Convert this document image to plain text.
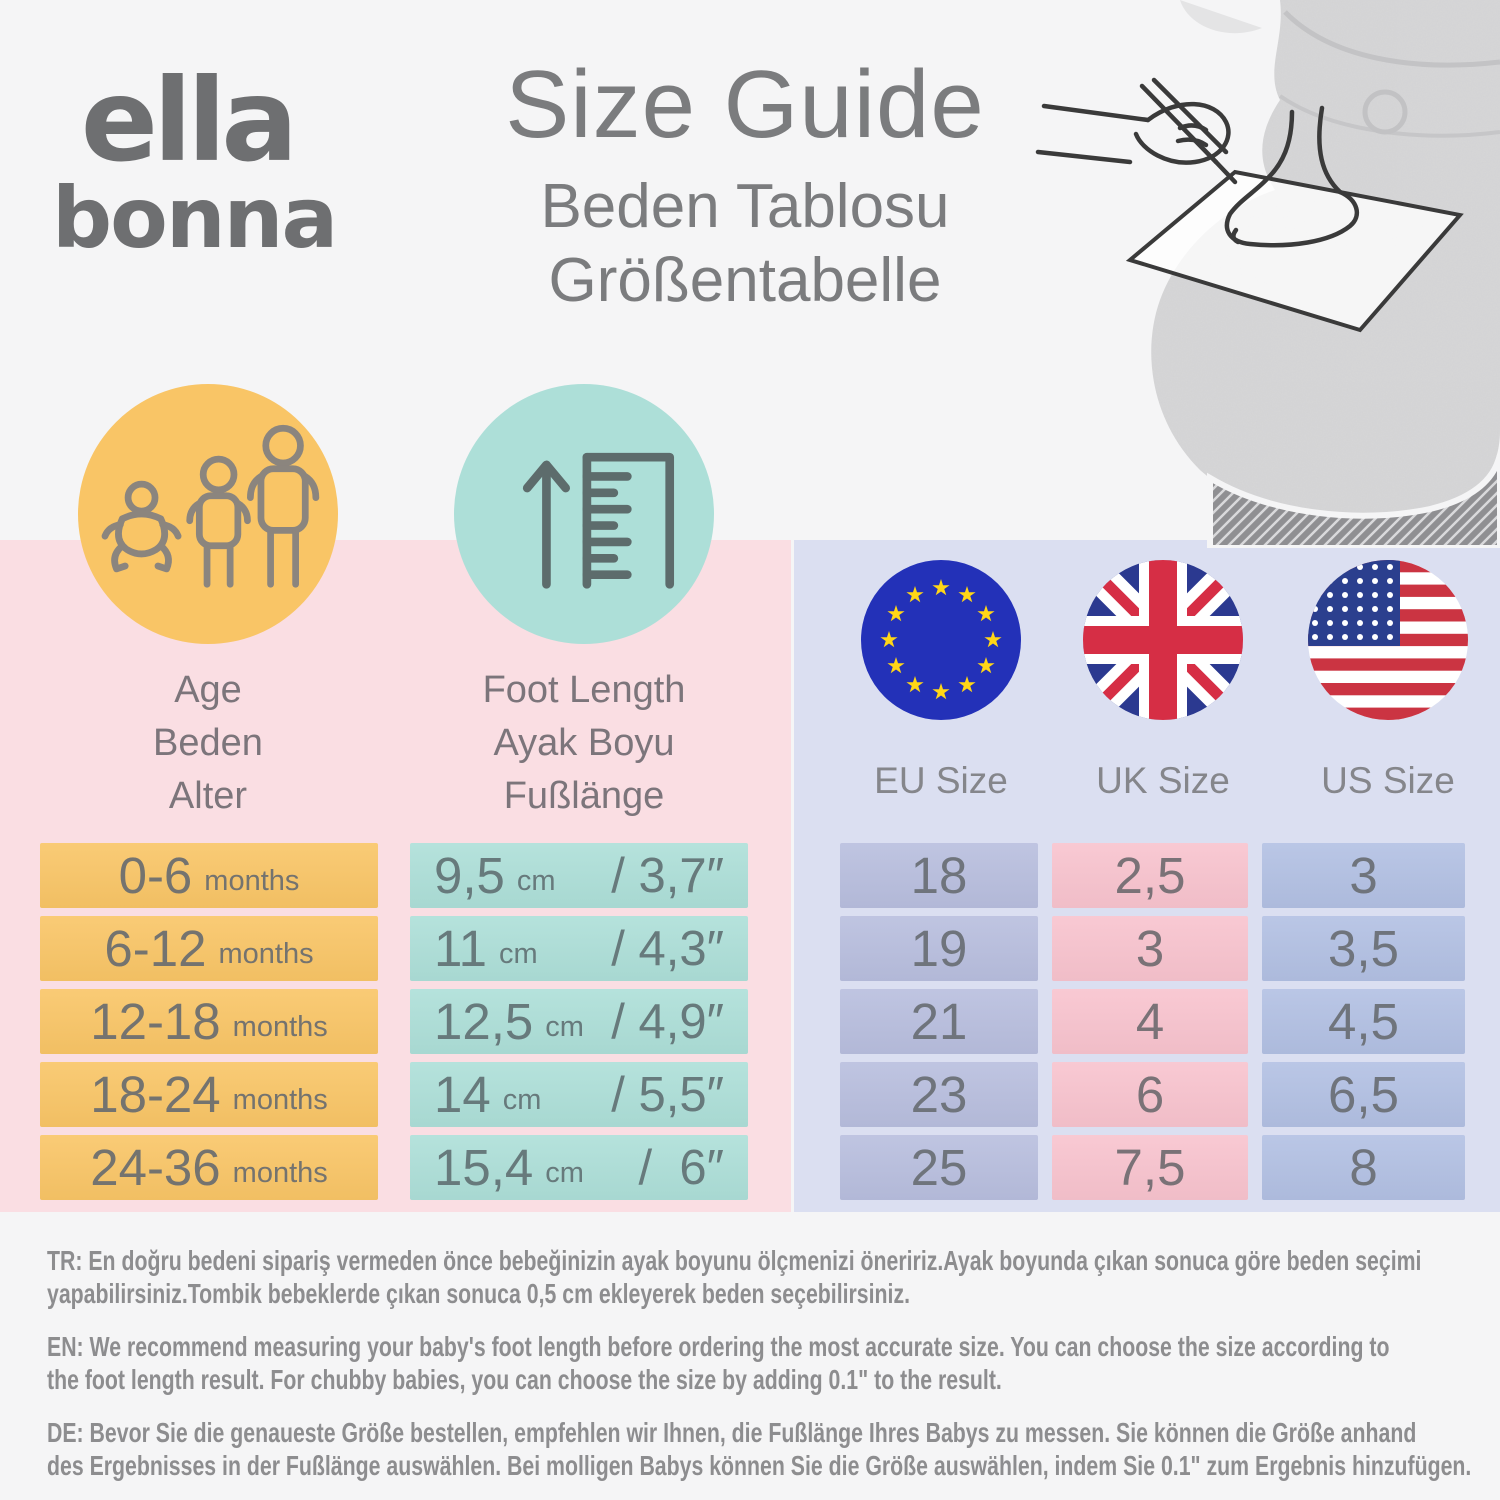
ella
bonna
Size Guide
Beden Tablosu
Größentabelle
Age
Beden
Alter
Foot Length
Ayak Boyu
Fußlänge	EU Size	UK Size	US Size
0-6 months	9,5 cm / 3,7″	18	2,5	3
6-12 months 11 cm / 4,3″	19	3	3,5
12-18 months 12,5 cm / 4,9″	21	4	4,5
18-24 months 14 cm / 5,5″	23	6	6,5
24-36 months 15,4 cm /  6″	25	7,5	8
TR: En doğru bedeni sipariş vermeden önce bebeğinizin ayak boyunu ölçmenizi öneririz.Ayak boyunda çıkan sonuca göre beden seçimi
yapabilirsiniz.Tombik bebeklerde çıkan sonuca 0,5 cm ekleyerek beden seçebilirsiniz.
EN: We recommend measuring your baby's foot length before ordering the most accurate size. You can choose the size according to
the foot length result. For chubby babies, you can choose the size by adding 0.1" to the result.
DE: Bevor Sie die genaueste Größe bestellen, empfehlen wir Ihnen, die Fußlänge Ihres Babys zu messen. Sie können die Größe anhand
des Ergebnisses in der Fußlänge auswählen. Bei molligen Babys können Sie die Größe auswählen, indem Sie 0.1" zum Ergebnis hinzufügen.
